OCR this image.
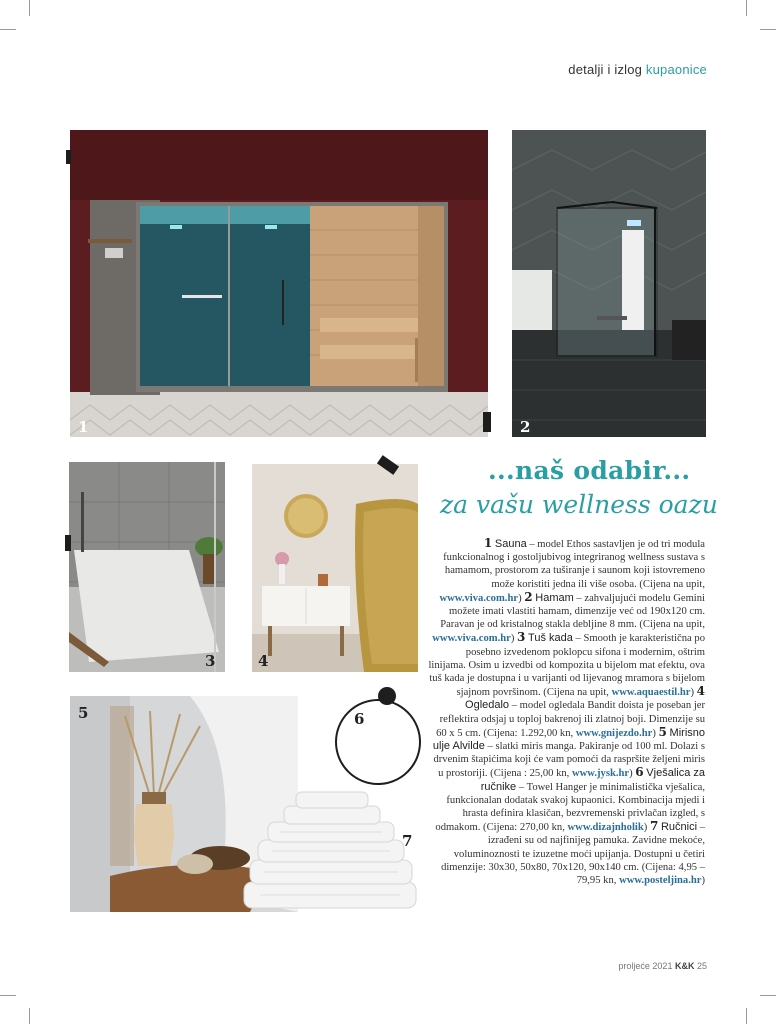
detalji i izlog kupaonice
1	2
3	4
5	6
7
...naš odabir...
za vašu wellness oazu
1 Sauna – model Ethos sastavljen je od tri modula funkcionalnog i gostoljubivog integriranog wellness sustava s hamamom, prostorom za tuširanje i saunom koji istovremeno može koristiti jedna ili više osoba. (Cijena na upit, www.viva.com.hr) 2 Hamam – zahvaljujući modelu Gemini možete imati vlastiti hamam, dimenzije već od 190x120 cm. Paravan je od kristalnog stakla debljine 8 mm. (Cijena na upit, www.viva.com.hr) 3 Tuš kada – Smooth je karakteristična po posebno izvedenom poklopcu sifona i modernim, oštrim linijama. Osim u izvedbi od kompozita u bijelom mat efektu, ova tuš kada je dostupna i u varijanti od lijevanog mramora s bijelom sjajnom površinom. (Cijena na upit, www.aquaestil.hr) 4 Ogledalo – model ogledala Bandit doista je poseban jer reflektira odsjaj u toploj bakrenoj ili zlatnoj boji. Dimenzije su 60 x 5 cm. (Cijena: 1.292,00 kn, www.gnijezdo.hr) 5 Mirisno ulje Alvilde – slatki miris manga. Pakiranje od 100 ml. Dolazi s drvenim štapićima koji će vam pomoći da raspršite željeni miris u prostoriji. (Cijena : 25,00 kn, www.jysk.hr) 6 Vješalica za ručnike – Towel Hanger je minimalistička vješalica, funkcionalan dodatak svakoj kupaonici. Kombinacija mjedi i hrasta definira klasičan, bezvremenski privlačan izgled, s odmakom. (Cijena: 270,00 kn, www.dizajnholik) 7 Ručnici – izrađeni su od najfinijeg pamuka. Zavidne mekoće, voluminoznosti te izuzetne moći upijanja. Dostupni u četiri dimenzije: 30x30, 50x80, 70x120, 90x140 cm. (Cijena: 4,95 – 79,95 kn, www.posteljina.hr)
proljeće 2021 K&K 25
